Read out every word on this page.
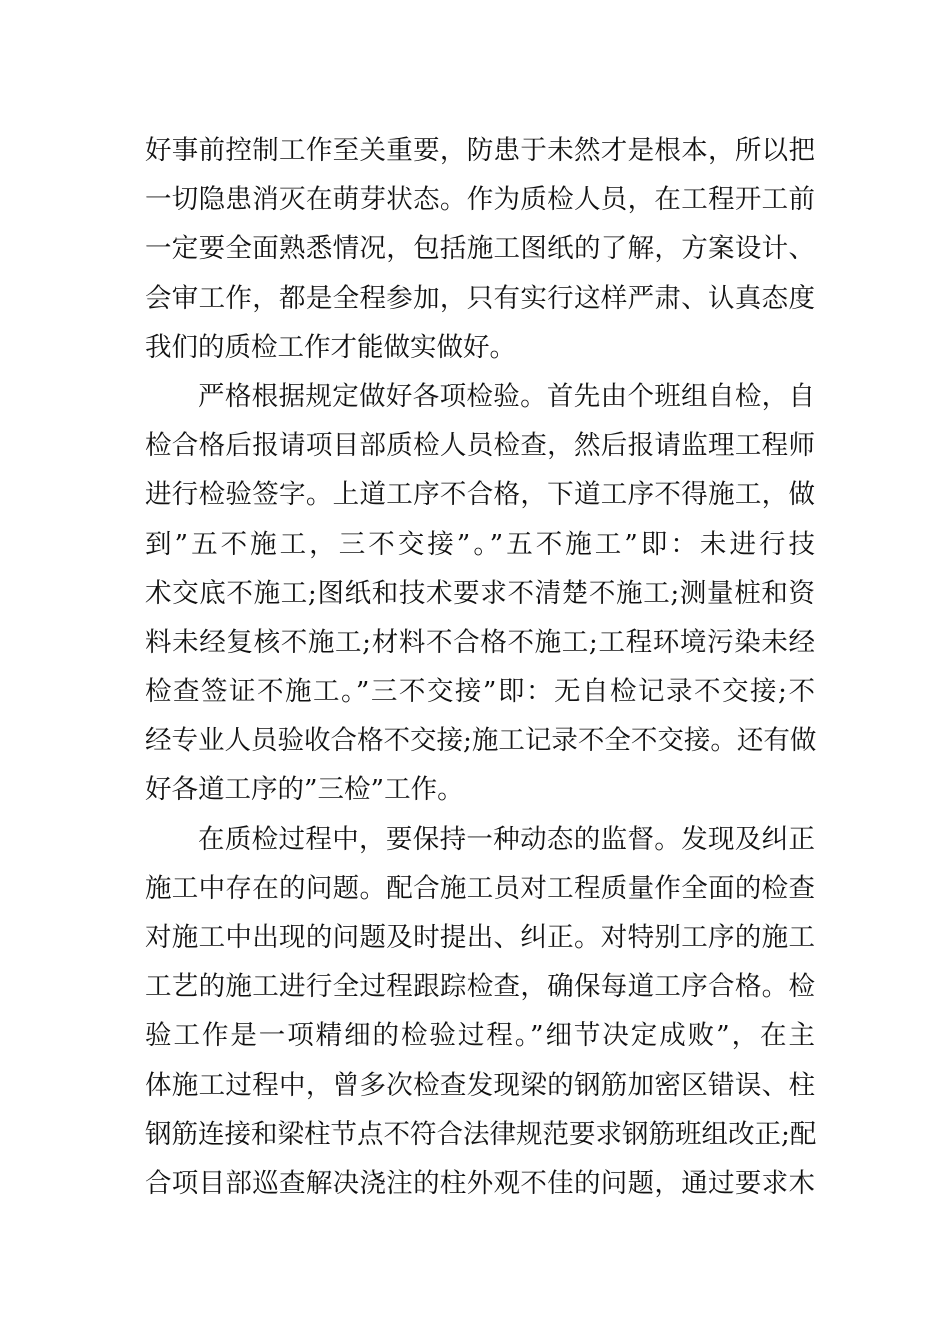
好事前控制工作至关重要，防患于未然才是根本，所以把
一切隐患消灭在萌芽状态。作为质检人员，在工程开工前
一定要全面熟悉情况，包括施工图纸的了解，方案设计、
会审工作，都是全程参加，只有实行这样严肃、认真态度
我们的质检工作才能做实做好。
严格根据规定做好各项检验。首先由个班组自检，自
检合格后报请项目部质检人员检查，然后报请监理工程师
进行检验签字。上道工序不合格，下道工序不得施工，做
到”五不施工，三不交接”。”五不施工”即：未进行技
术交底不施工;图纸和技术要求不清楚不施工;测量桩和资
料未经复核不施工;材料不合格不施工;工程环境污染未经
检查签证不施工。”三不交接”即：无自检记录不交接;不
经专业人员验收合格不交接;施工记录不全不交接。还有做
好各道工序的”三检”工作。
在质检过程中，要保持一种动态的监督。发现及纠正
施工中存在的问题。配合施工员对工程质量作全面的检查
对施工中出现的问题及时提出、纠正。对特别工序的施工
工艺的施工进行全过程跟踪检查，确保每道工序合格。检
验工作是一项精细的检验过程。”细节决定成败”，在主
体施工过程中，曾多次检查发现梁的钢筋加密区错误、柱
钢筋连接和梁柱节点不符合法律规范要求钢筋班组改正;配
合项目部巡查解决浇注的柱外观不佳的问题，通过要求木
